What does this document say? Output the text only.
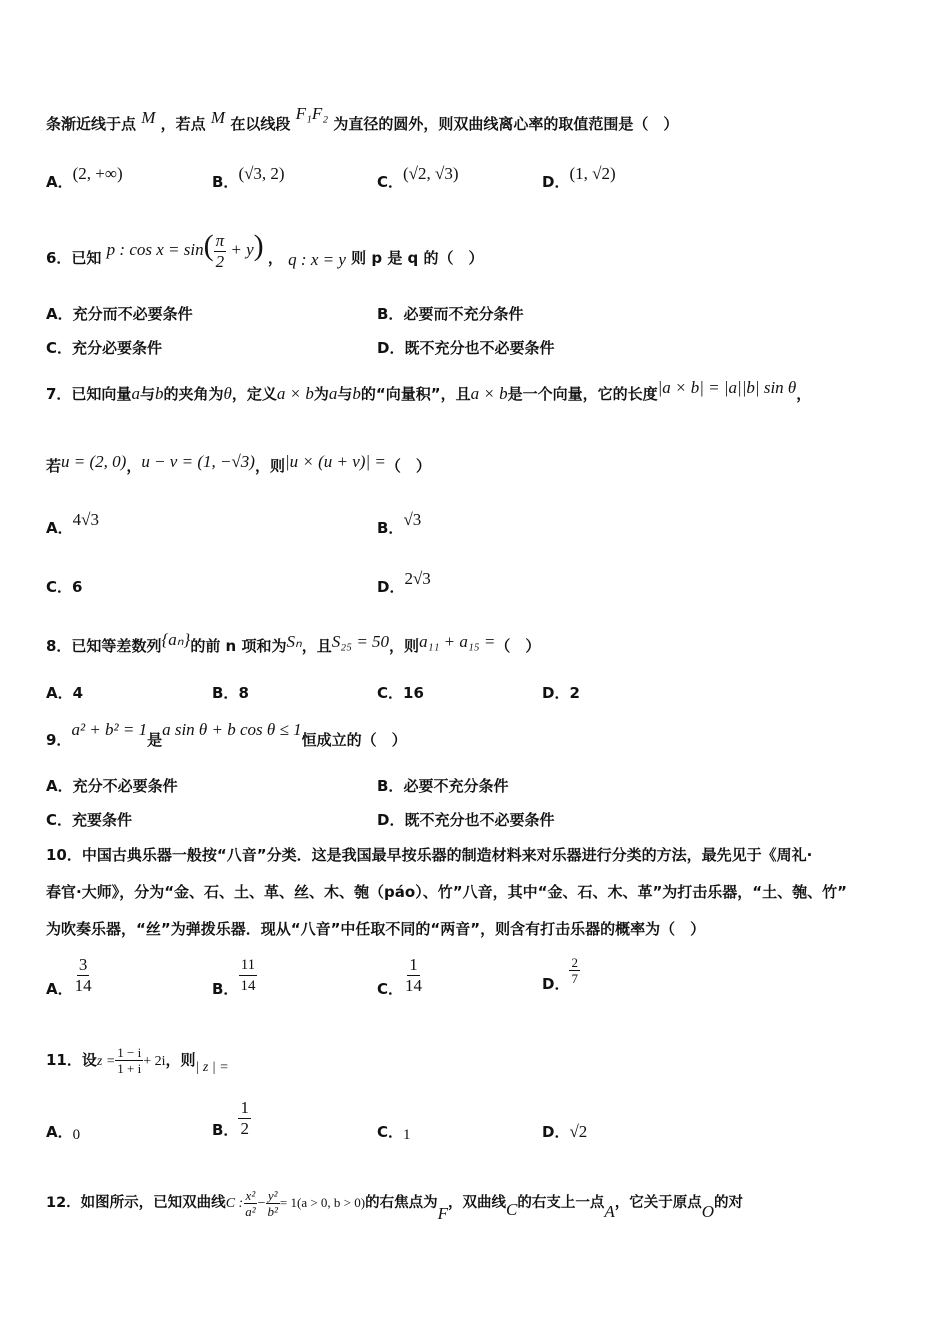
条渐近线于点 M ，若点 M 在以线段 F₁F₂ 为直径的圆外，则双曲线离心率的取值范围是（　）
A．(2, +∞)	B．(√3, 2)	C．(√2, √3)	D．(1, √2)
6．已知 p : $\cos x = \sin( \frac{\pi}{2} + y)$ ， q : x = y 则 p 是 q 的（　）
A．充分而不必要条件	B．必要而不充分条件
C．充分必要条件	D．既不充分也不必要条件
7．已知向量a与b的夹角为θ，定义a × b为a与b的“向量积”，且a × b是一个向量，它的长度|a × b| = |a||b| sin θ，
若u = (2, 0)，u − v = (1, −√3)，则|u × (u + v)| =（　）
A．4√3	B．√3
C．6	D．2√3
8．已知等差数列{aₙ}的前 n 项和为Sₙ，且S₂₅ = 50，则a₁₁ + a₁₅ =（　）
A．4	B．8	C．16	D．2
9．a² + b² = 1是a sin θ + b cos θ ≤ 1恒成立的（　）
A．充分不必要条件	B．必要不充分条件
C．充要条件	D．既不充分也不必要条件
10．中国古典乐器一般按“八音”分类．这是我国最早按乐器的制造材料来对乐器进行分类的方法，最先见于《周礼·
春官·大师》，分为“金、石、土、革、丝、木、匏（páo）、竹”八音，其中“金、石、木、革”为打击乐器，“土、匏、竹”
为吹奏乐器，“丝”为弹拨乐器．现从“八音”中任取不同的“两音”，则含有打击乐器的概率为（　）
A． $\frac{3}{14}$	B． $\frac{11}{14}$	C． $\frac{1}{14}$	D． $\frac{2}{7}$
11．设$z = \frac{1 - i}{1 + i} + 2i$，则| z | =
A．0	B． $\frac{1}{2}$	C．1	D．√2
12．如图所示，已知双曲线C : $\frac{\text{x²}}{\text{a²}} - \frac{\text{y²}}{\text{b²}} = 1(a > 0$, b > 0)的右焦点为F，双曲线C的右支上一点A，它关于原点O的对
